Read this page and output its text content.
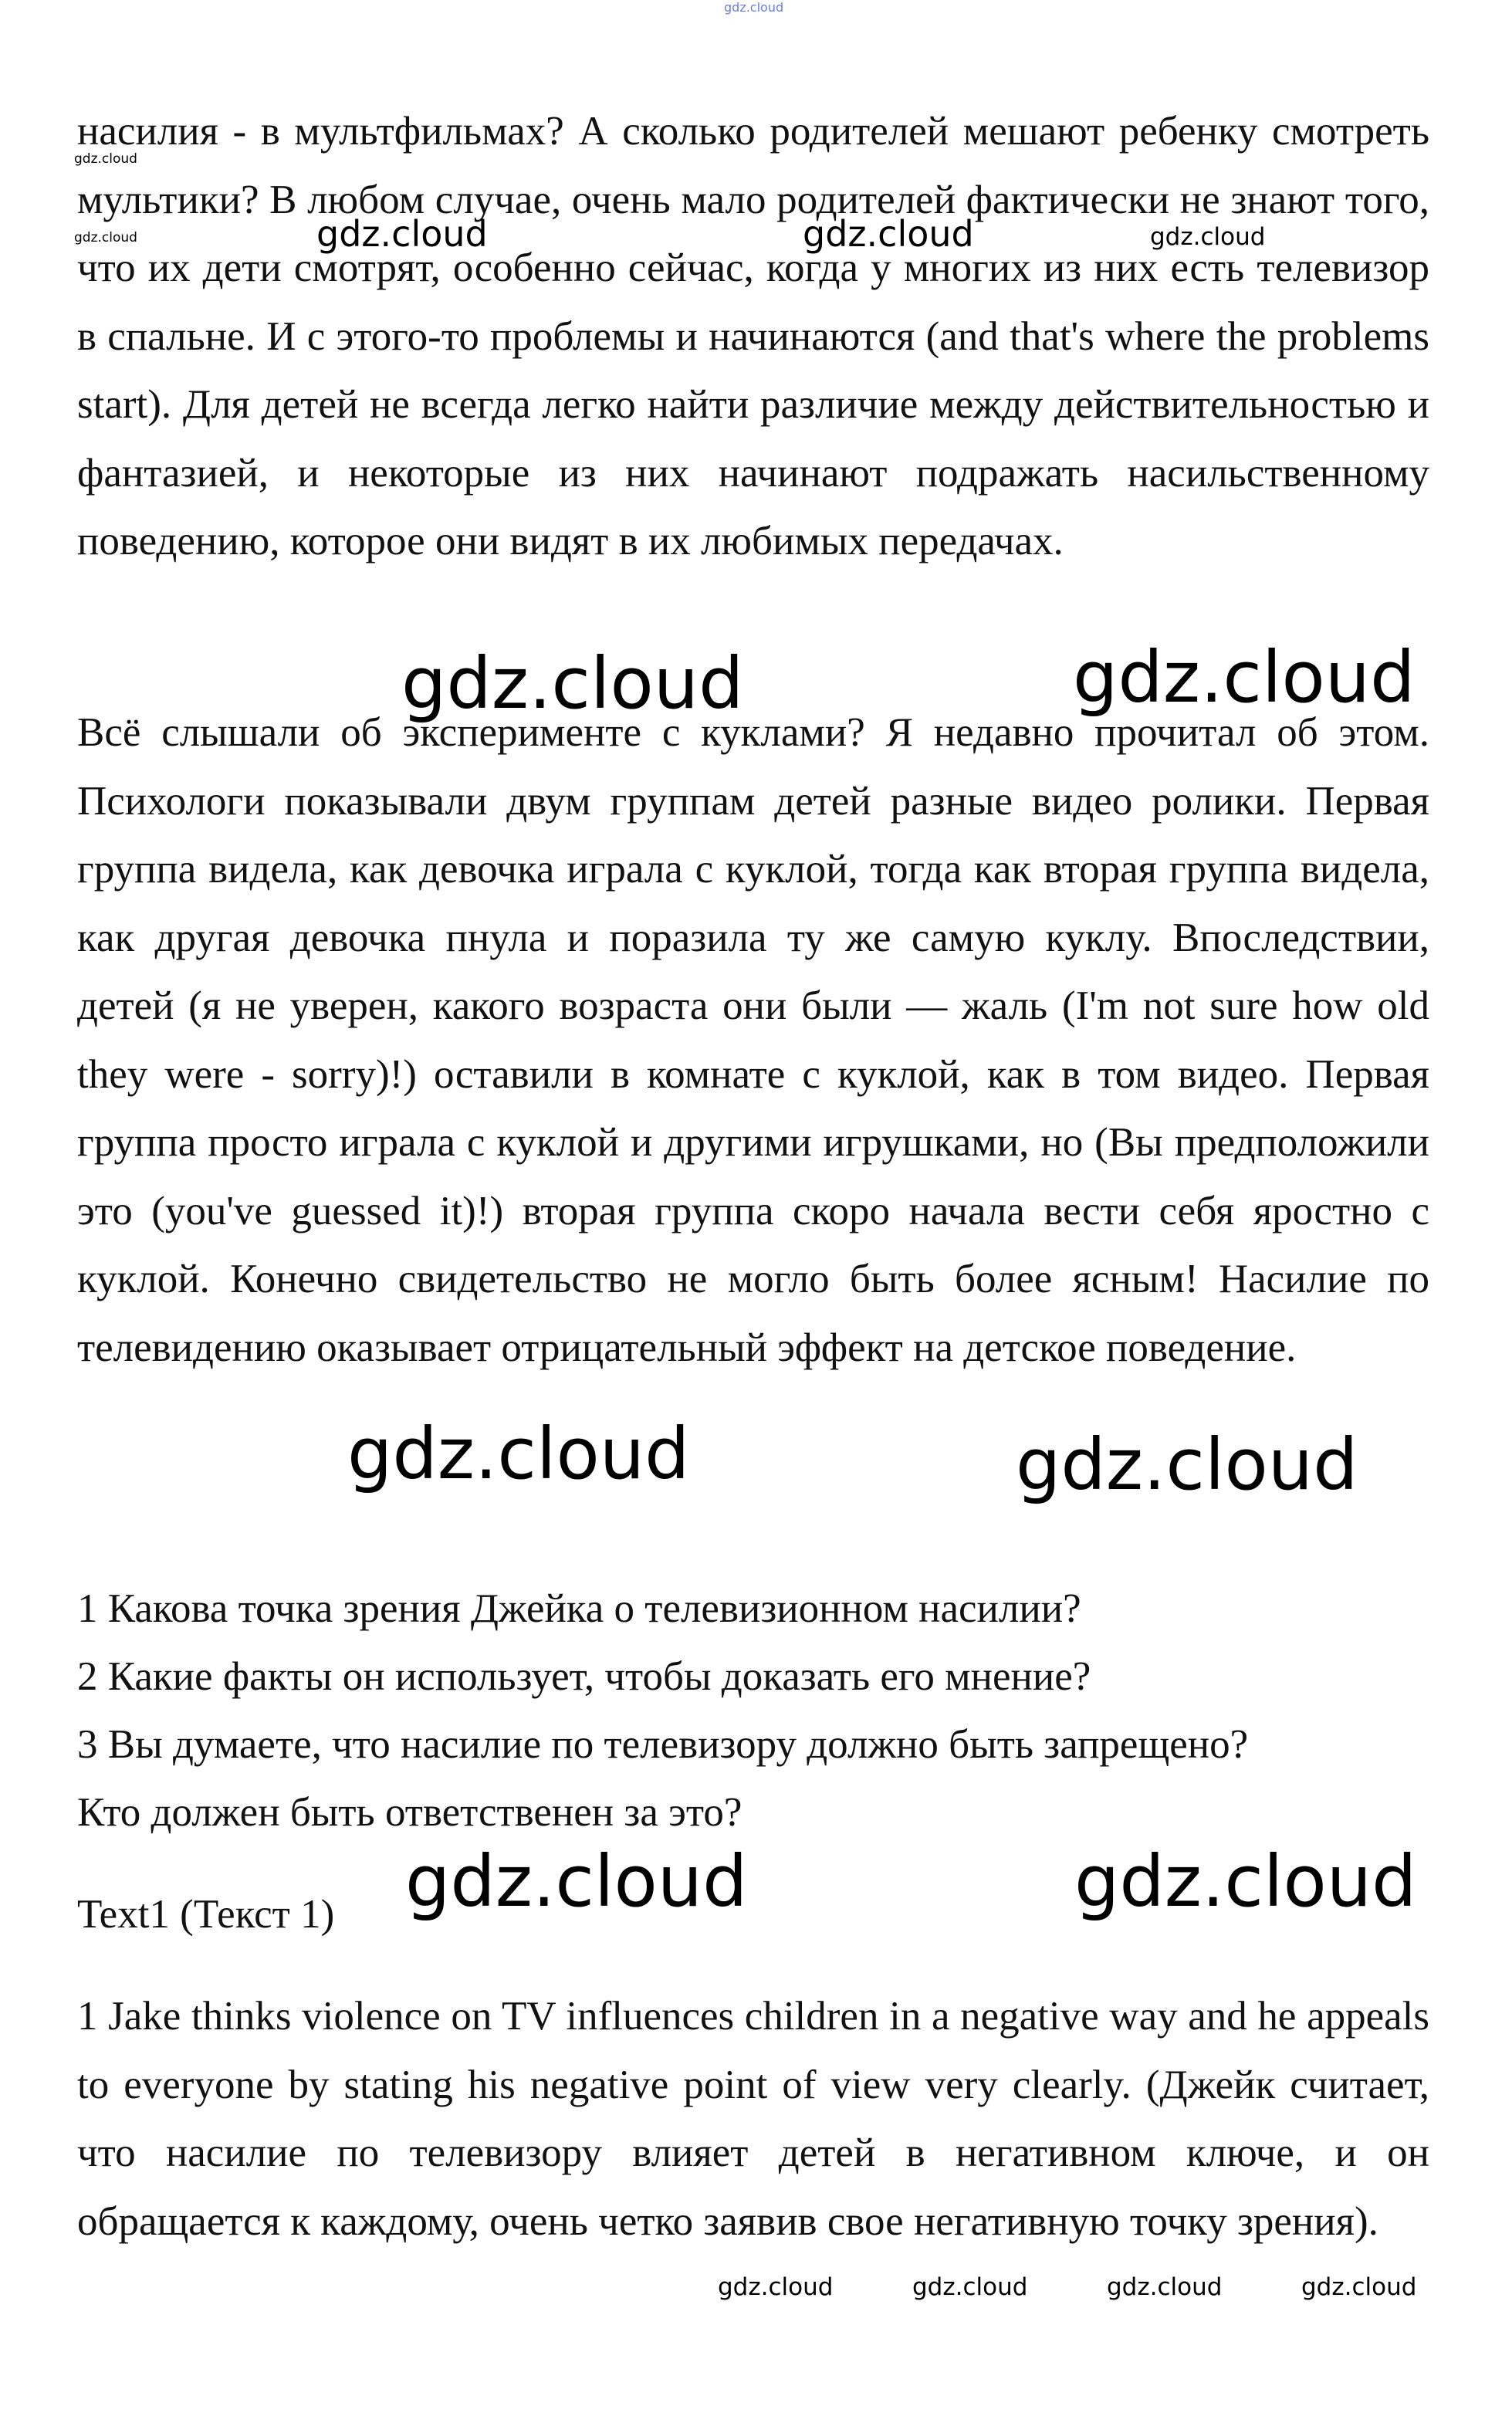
gdz.cloud

насилия - в мультфильмах? А сколько родителей мешают ребенку смотреть мультики? В любом случае, очень мало родителей фактически не знают того, что их дети смотрят, особенно сейчас, когда у многих из них есть телевизор в спальне. И с этого-то проблемы и начинаются (and that's where the problems start). Для детей не всегда легко найти различие между действительностью и фантазией, и некоторые из них начинают подражать насильственному поведению, которое они видят в их любимых передачах.

Всё слышали об эксперименте с куклами? Я недавно прочитал об этом. Психологи показывали двум группам детей разные видео ролики. Первая группа видела, как девочка играла с куклой, тогда как вторая группа видела, как другая девочка пнула и поразила ту же самую куклу. Впоследствии, детей (я не уверен, какого возраста они были — жаль (I'm not sure how old they were - sorry)!) оставили в комнате с куклой, как в том видео. Первая группа просто играла с куклой и другими игрушками, но (Вы предположили это (you've guessed it)!) вторая группа скоро начала вести себя яростно с куклой. Конечно свидетельство не могло быть более ясным! Насилие по телевидению оказывает отрицательный эффект на детское поведение.

1 Какова точка зрения Джейка о телевизионном насилии?
2 Какие факты он использует, чтобы доказать его мнение?
3 Вы думаете, что насилие по телевизору должно быть запрещено?
Кто должен быть ответственен за это?
Text1 (Текст 1)

1 Jake thinks violence on TV influences children in a negative way and he appeals to everyone by stating his negative point of view very clearly. (Джейк считает, что насилие по телевизору влияет детей в негативном ключе, и он обращается к каждому, очень четко заявив свое негативную точку зрения).

gdz.cloud
gdz.cloud	gdz.cloud	gdz.cloud	gdz.cloud
gdz.cloud	gdz.cloud
gdz.cloud	gdz.cloud
gdz.cloud	gdz.cloud
gdz.cloud	gdz.cloud	gdz.cloud	gdz.cloud
